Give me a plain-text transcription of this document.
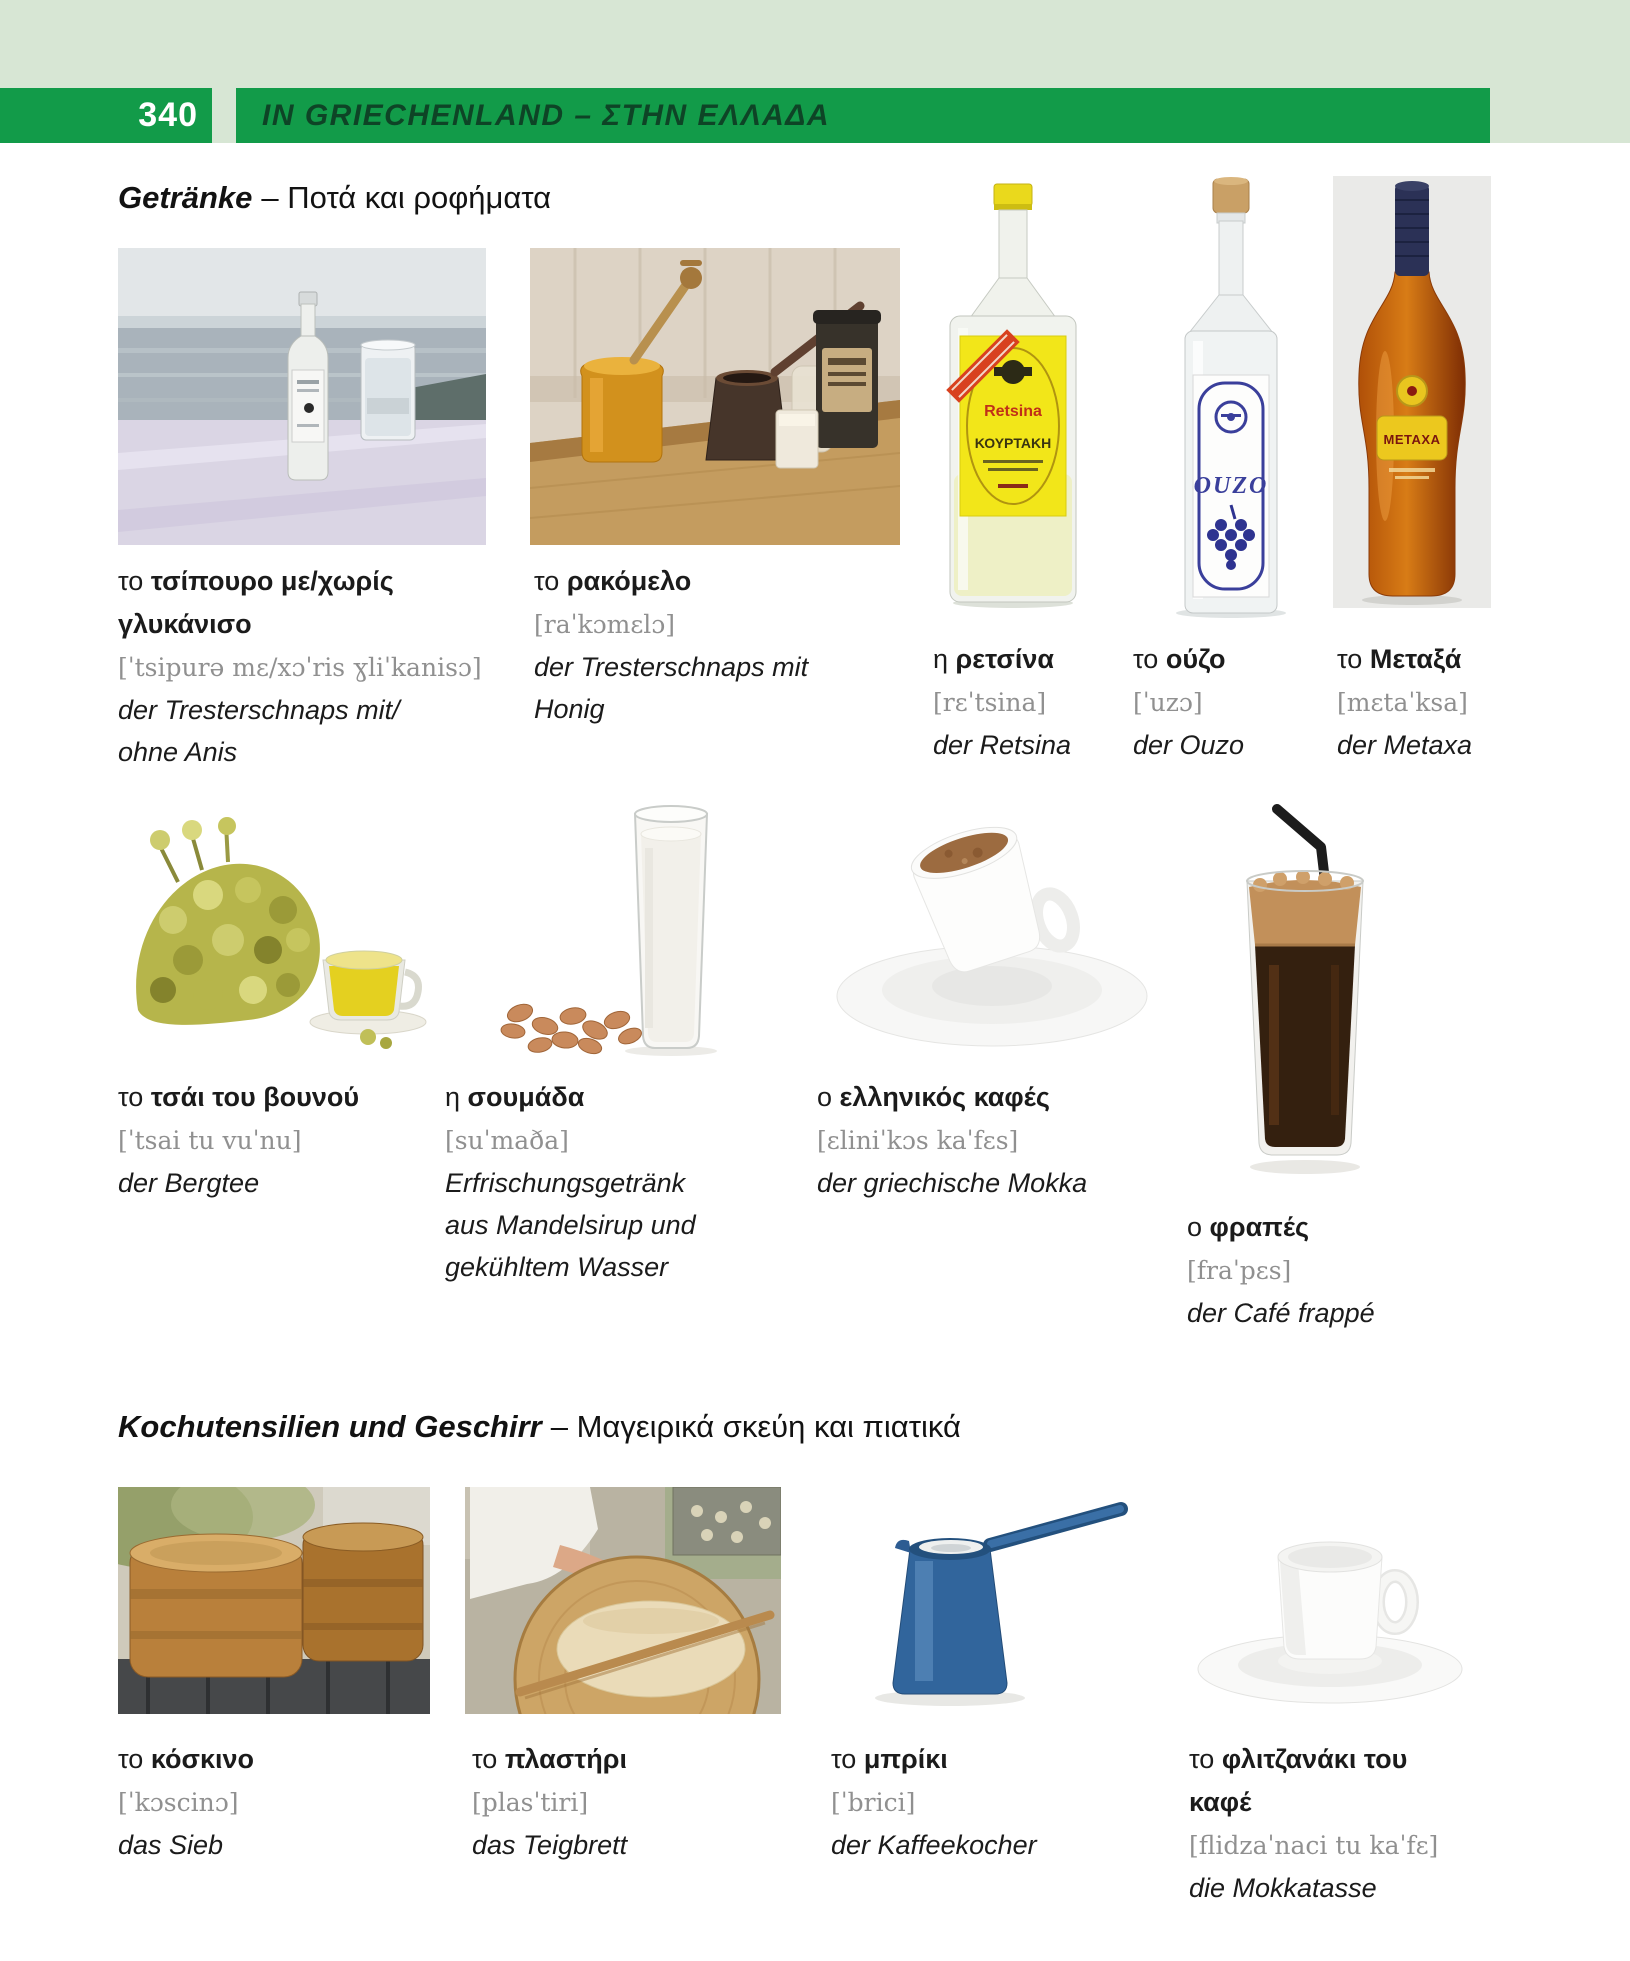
340 IN GRIECHENLAND – ΣΤΗΝ ΕΛΛΑΔΑ
Getränke – Ποτά και ροφήματα
Retsina
ΚΟΥΡΤΑΚΗ
OUZO
METAXA
το τσίπουρο με/χωρίς
γλυκάνισο
[ˈtsipurə mɛ/xɔˈris ɣliˈkanisɔ]
der Tresterschnaps mit/
ohne Anis
το ρακόμελο
[raˈkɔmɛlɔ]
der Tresterschnaps mit
Honig
η ρετσίνα
[rɛˈtsina]
der Retsina
το ούζο
[ˈuzɔ]
der Ouzo
το Μεταξά
[mɛtaˈksa]
der Metaxa
το τσάι του βουνού
[ˈtsai tu vuˈnu]
der Bergtee
η σουμάδα
[suˈmaða]
Erfrischungsgetränk
aus Mandelsirup und
gekühltem Wasser
ο ελληνικός καφές
[ɛliniˈkɔs kaˈfɛs]
der griechische Mokka
ο φραπές
[fraˈpɛs]
der Café frappé
Kochutensilien und Geschirr – Μαγειρικά σκεύη και πιατικά
το κόσκινο
[ˈkɔscinɔ]
das Sieb
το πλαστήρι
[plasˈtiri]
das Teigbrett
το μπρίκι
[ˈbrici]
der Kaffeekocher
το φλιτζανάκι του
καφέ
[flidzaˈnaci tu kaˈfɛ]
die Mokkatasse
